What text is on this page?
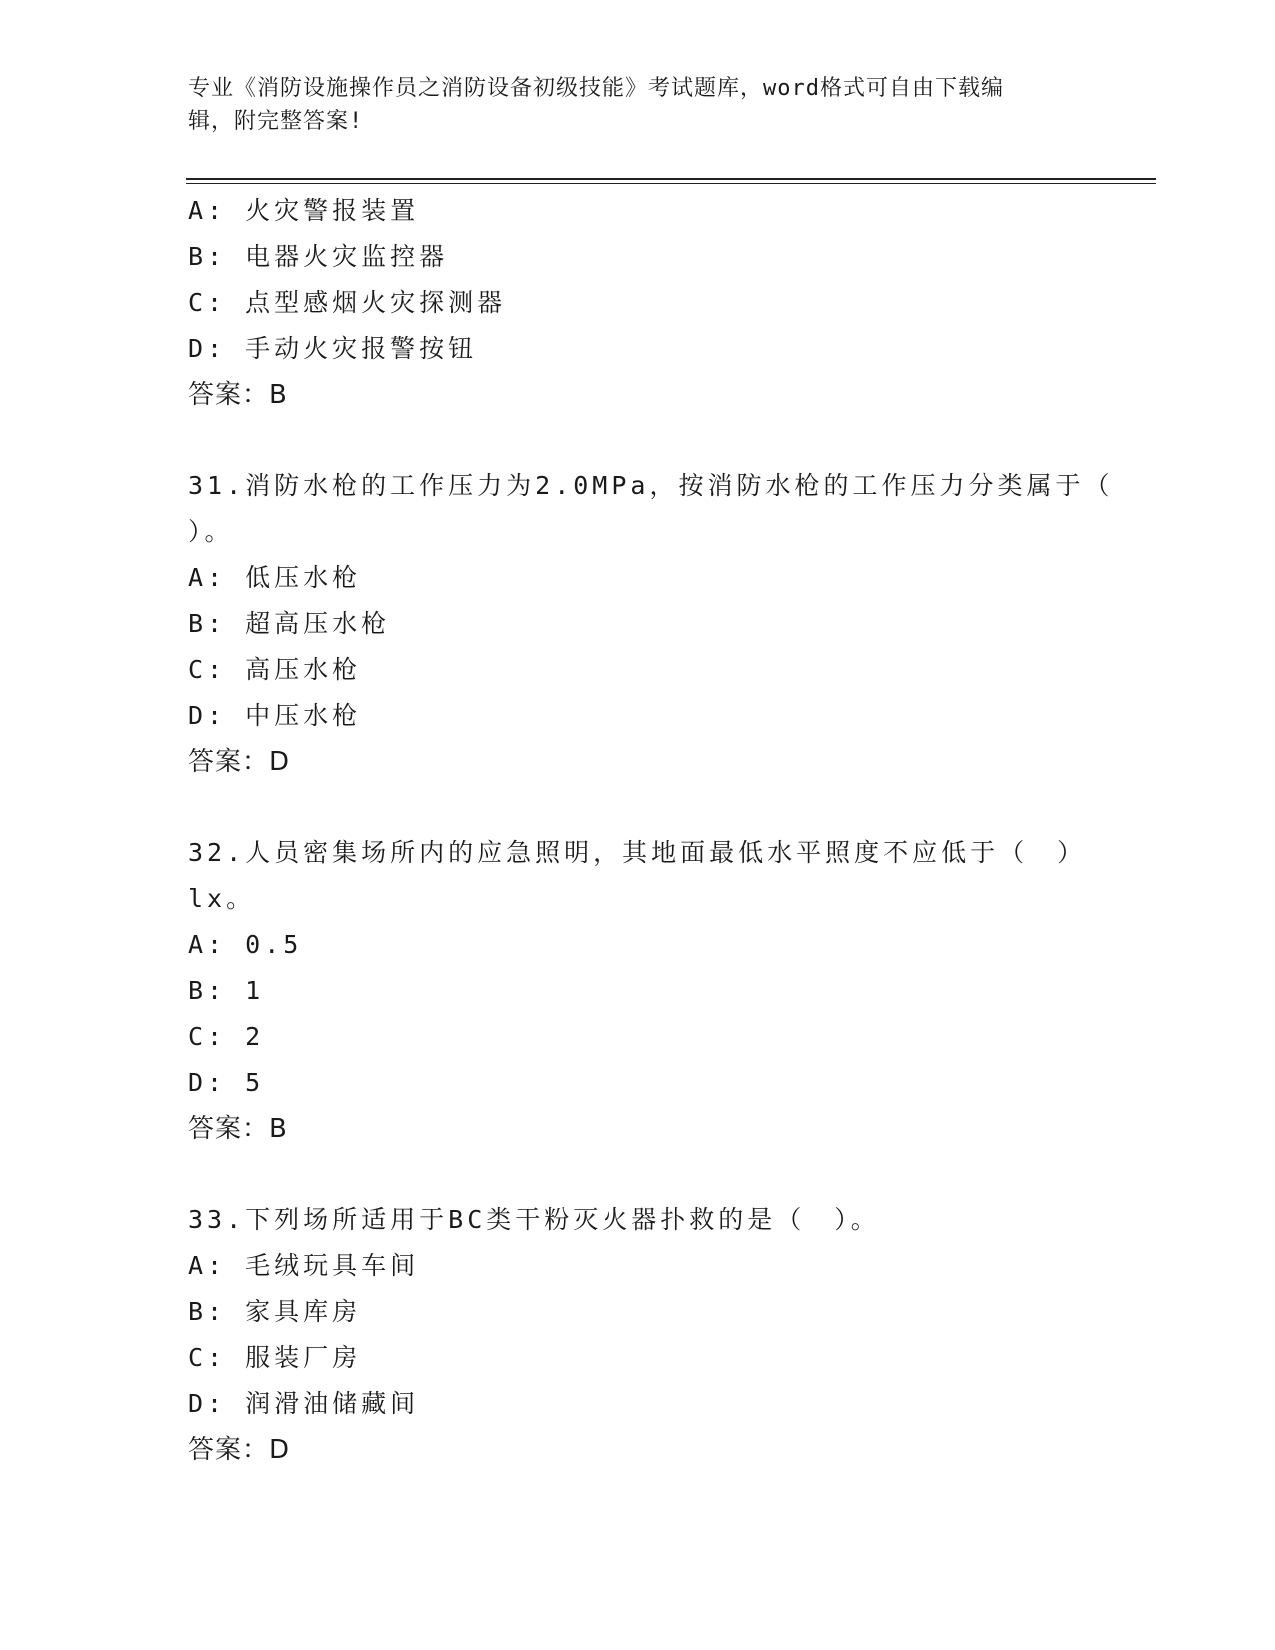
专业《消防设施操作员之消防设备初级技能》考试题库，word格式可自由下载编
辑，附完整答案!
A: 火灾警报装置
B: 电器火灾监控器
C: 点型感烟火灾探测器
D: 手动火灾报警按钮
答案：B
31.消防水枪的工作压力为2.0MPa，按消防水枪的工作压力分类属于（
）。
A: 低压水枪
B: 超高压水枪
C: 高压水枪
D: 中压水枪
答案：D
32.人员密集场所内的应急照明，其地面最低水平照度不应低于（　）
lx。
A: 0.5
B: 1
C: 2
D: 5
答案：B
33.下列场所适用于BC类干粉灭火器扑救的是（　）。
A: 毛绒玩具车间
B: 家具库房
C: 服装厂房
D: 润滑油储藏间
答案：D
